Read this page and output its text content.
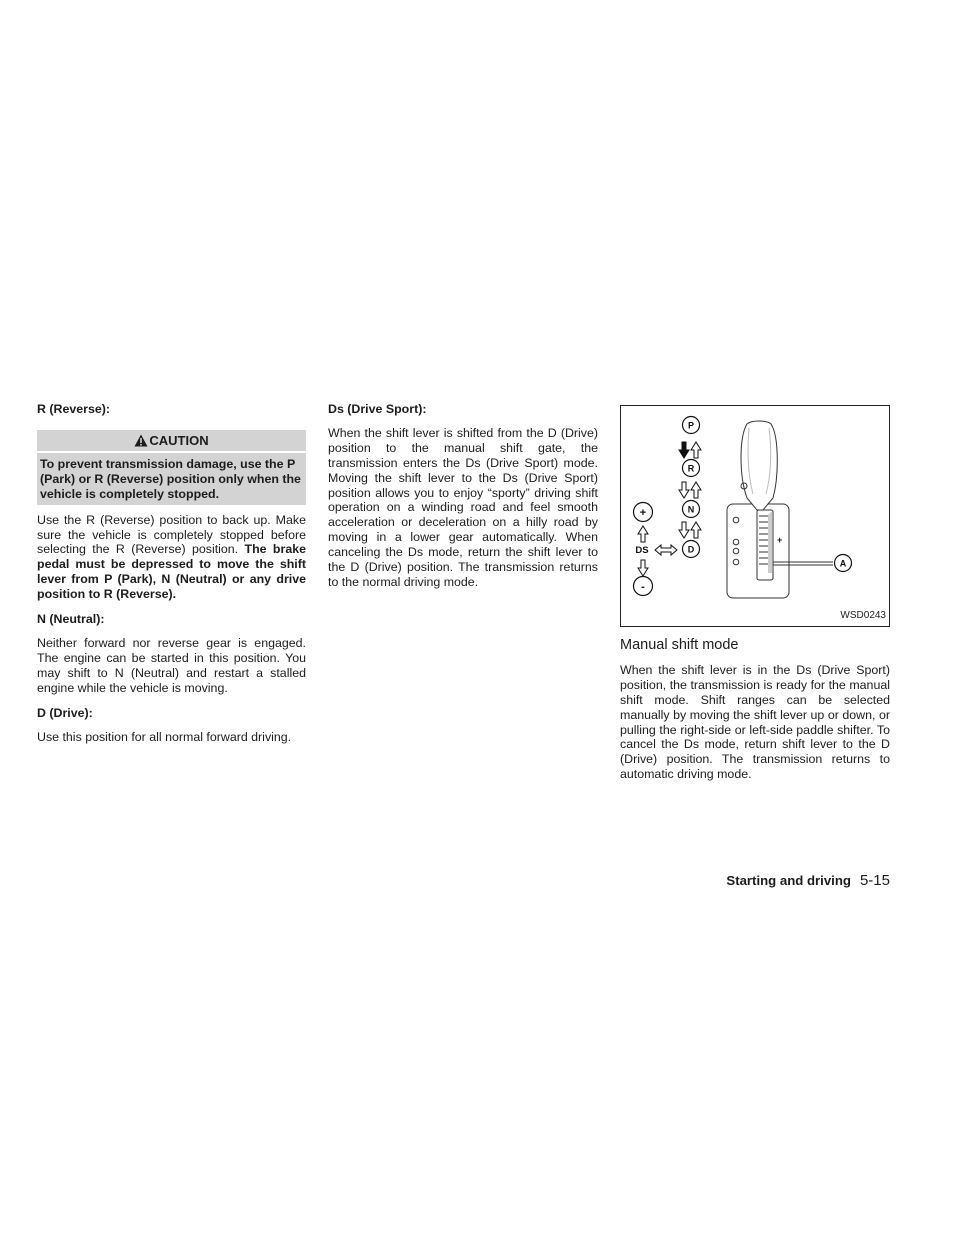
R (Reverse):
CAUTION
To prevent transmission damage, use the P (Park) or R (Reverse) position only when the vehicle is completely stopped.

Use the R (Reverse) position to back up. Make sure the vehicle is completely stopped before selecting the R (Reverse) position. The brake pedal must be depressed to move the shift lever from P (Park), N (Neutral) or any drive position to R (Reverse).

N (Neutral):

Neither forward nor reverse gear is engaged. The engine can be started in this position. You may shift to N (Neutral) and restart a stalled engine while the vehicle is moving.

D (Drive):

Use this position for all normal forward driving.

Ds (Drive Sport):

When the shift lever is shifted from the D (Drive) position to the manual shift gate, the transmission enters the Ds (Drive Sport) mode. Moving the shift lever to the Ds (Drive Sport) position allows you to enjoy “sporty” driving shift operation on a winding road and feel smooth acceleration or deceleration on a hilly road by moving in a lower gear automatically. When canceling the Ds mode, return the shift lever to the D (Drive) position. The transmission returns to the normal driving mode.

P
R
N
D
+
-
DS
A
+
–
WSD0243
Manual shift mode

When the shift lever is in the Ds (Drive Sport) position, the transmission is ready for the manual shift mode. Shift ranges can be selected manually by moving the shift lever up or down, or pulling the right-side or left-side paddle shifter. To cancel the Ds mode, return shift lever to the D (Drive) position. The transmission returns to automatic driving mode.

Starting and driving 5-15
